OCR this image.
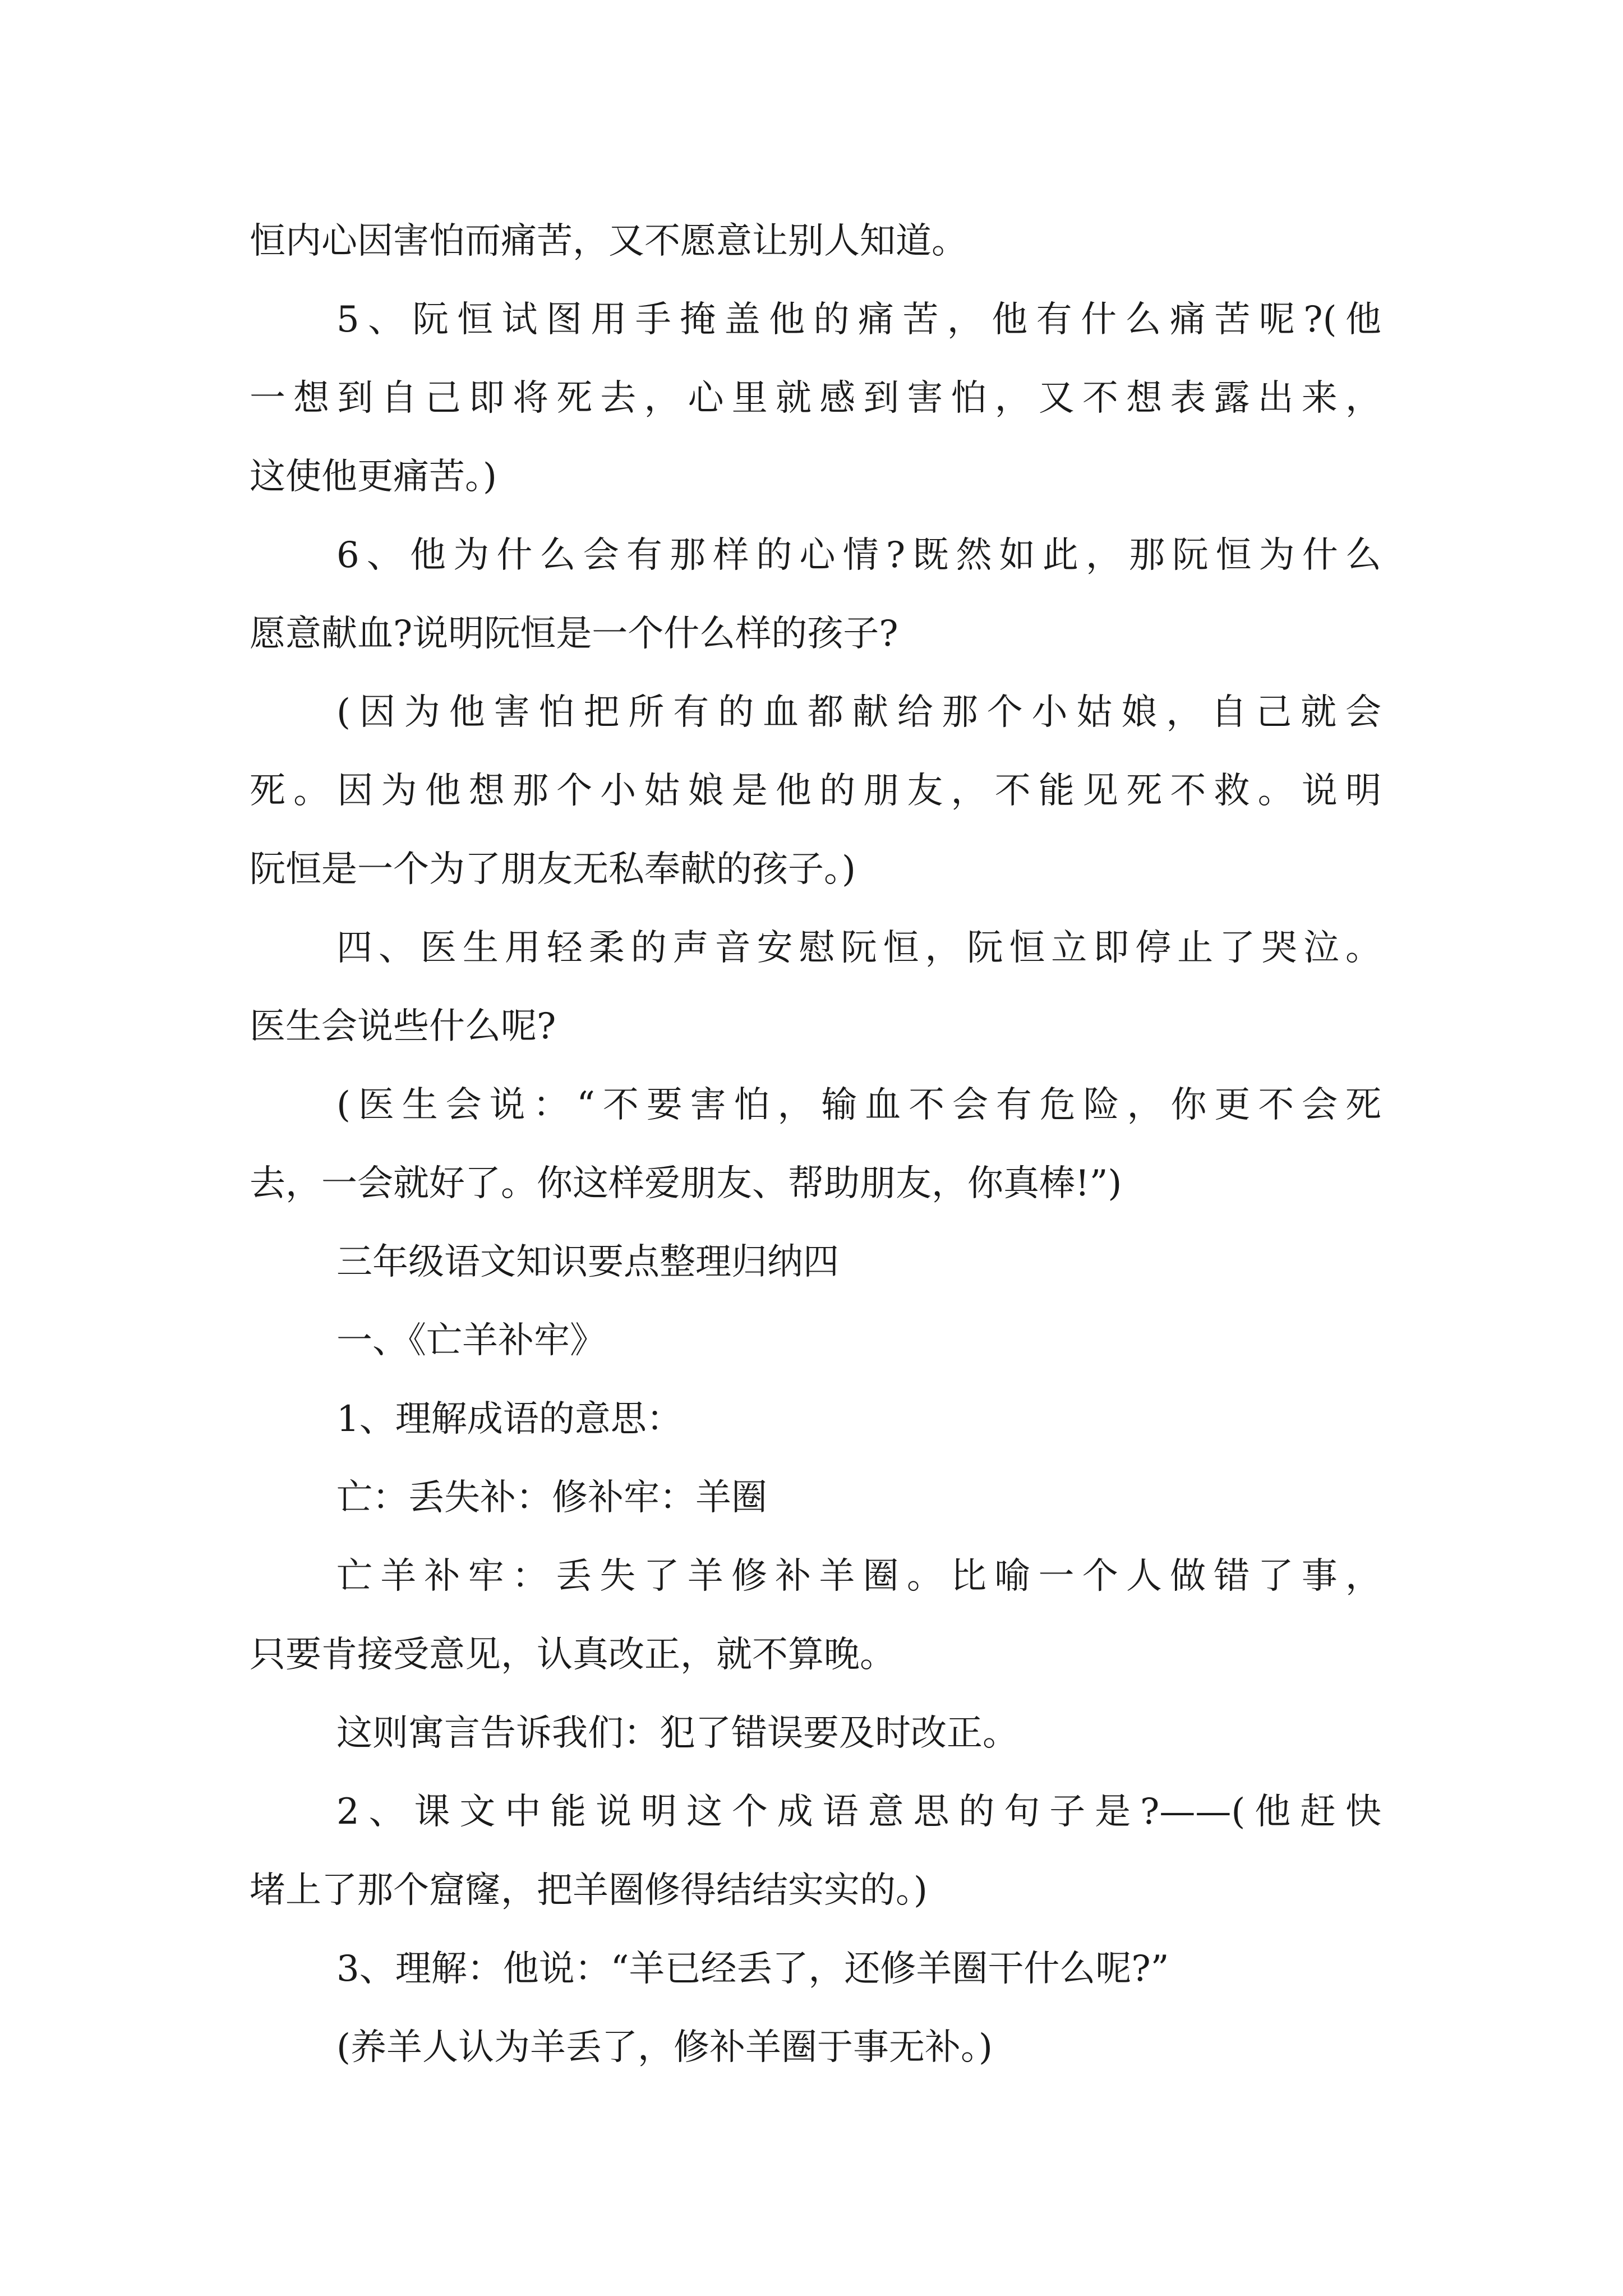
恒内心因害怕而痛苦，又不愿意让别人知道。
5、阮恒试图用手掩盖他的痛苦，他有什么痛苦呢?(他
一想到自己即将死去，心里就感到害怕，又不想表露出来，
这使他更痛苦。)
6、他为什么会有那样的心情?既然如此，那阮恒为什么
愿意献血?说明阮恒是一个什么样的孩子?
(因为他害怕把所有的血都献给那个小姑娘，自己就会
死。因为他想那个小姑娘是他的朋友，不能见死不救。说明
阮恒是一个为了朋友无私奉献的孩子。)
四、医生用轻柔的声音安慰阮恒，阮恒立即停止了哭泣。
医生会说些什么呢?
(医生会说：“不要害怕，输血不会有危险，你更不会死
去，一会就好了。你这样爱朋友、帮助朋友，你真棒!”)
三年级语文知识要点整理归纳四
一、《亡羊补牢》
1、理解成语的意思：
亡：丢失补：修补牢：羊圈
亡羊补牢：丢失了羊修补羊圈。比喻一个人做错了事，
只要肯接受意见，认真改正，就不算晚。
这则寓言告诉我们：犯了错误要及时改正。
2、课文中能说明这个成语意思的句子是?——(他赶快
堵上了那个窟窿，把羊圈修得结结实实的。)
3、理解：他说：“羊已经丢了，还修羊圈干什么呢?”
(养羊人认为羊丢了，修补羊圈于事无补。)
